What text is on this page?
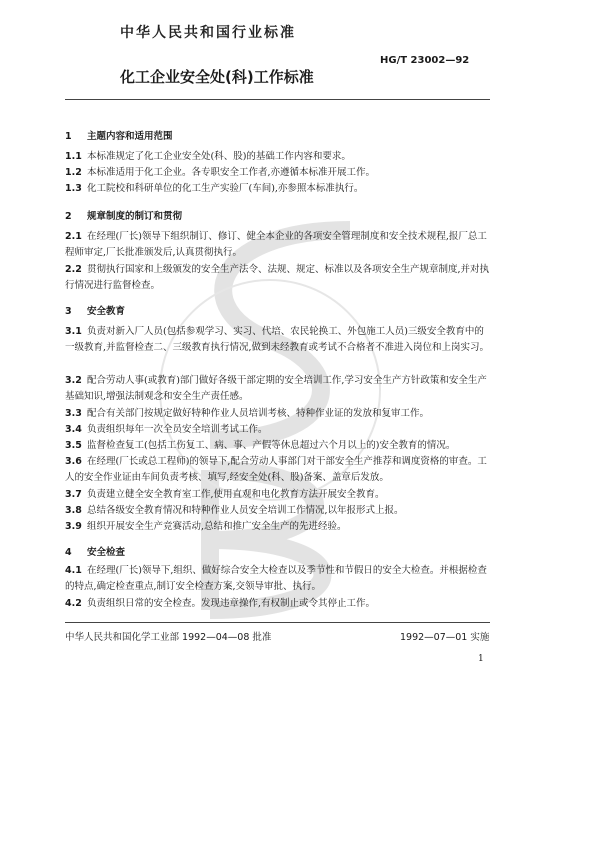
中华人民共和国行业标准
HG/T 23002—92
化工企业安全处(科)工作标准
1 主题内容和适用范围
1.1 本标准规定了化工企业安全处(科、股)的基础工作内容和要求。
1.2 本标准适用于化工企业。各专职安全工作者,亦遵循本标准开展工作。
1.3 化工院校和科研单位的化工生产实验厂(车间),亦参照本标准执行。
2 规章制度的制订和贯彻
2.1 在经理(厂长)领导下组织制订、修订、健全本企业的各项安全管理制度和安全技术规程,报厂总工程师审定,厂长批准颁发后,认真贯彻执行。
2.2 贯彻执行国家和上级颁发的安全生产法令、法规、规定、标准以及各项安全生产规章制度,并对执行情况进行监督检查。
3 安全教育
3.1 负责对新入厂人员(包括参观学习、实习、代培、农民轮换工、外包施工人员)三级安全教育中的一级教育,并监督检查二、三级教育执行情况,做到未经教育或考试不合格者不准进入岗位和上岗实习。
3.2 配合劳动人事(或教育)部门做好各级干部定期的安全培训工作,学习安全生产方针政策和安全生产基础知识,增强法制观念和安全生产责任感。
3.3 配合有关部门按规定做好特种作业人员培训考核、特种作业证的发放和复审工作。
3.4 负责组织每年一次全员安全培训考试工作。
3.5 监督检查复工(包括工伤复工、病、事、产假等休息超过六个月以上的)安全教育的情况。
3.6 在经理(厂长或总工程师)的领导下,配合劳动人事部门对干部安全生产推荐和调度资格的审查。工人的安全作业证由车间负责考核、填写,经安全处(科、股)备案、盖章后发放。
3.7 负责建立健全安全教育室工作,使用直观和电化教育方法开展安全教育。
3.8 总结各级安全教育情况和特种作业人员安全培训工作情况,以年报形式上报。
3.9 组织开展安全生产竞赛活动,总结和推广安全生产的先进经验。
4 安全检查
4.1 在经理(厂长)领导下,组织、做好综合安全大检查以及季节性和节假日的安全大检查。并根据检查的特点,确定检查重点,制订安全检查方案,交领导审批、执行。
4.2 负责组织日常的安全检查。发现违章操作,有权制止或令其停止工作。
中华人民共和国化学工业部 1992—04—08 批准	1992—07—01 实施
1
